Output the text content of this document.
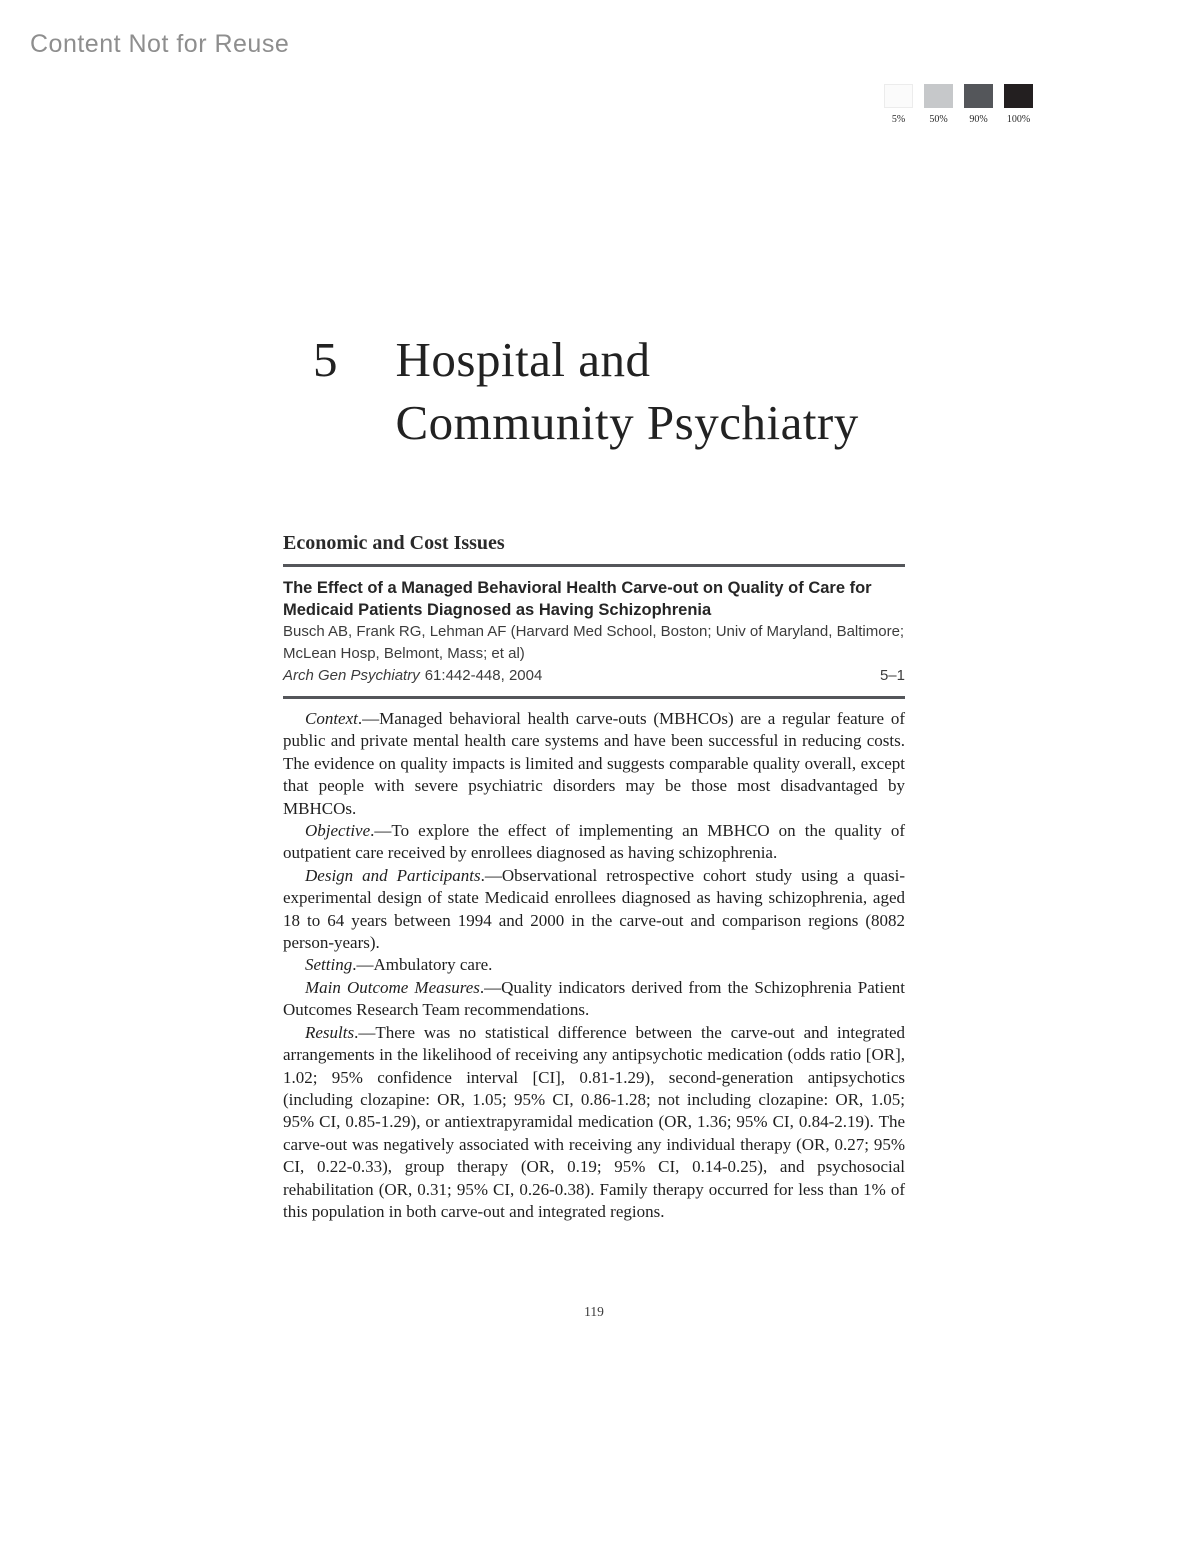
Content Not for Reuse
5% 50% 90% 100%
5 Hospital and
Community Psychiatry
Economic and Cost Issues

The Effect of a Managed Behavioral Health Carve-out on Quality of Care for Medicaid Patients Diagnosed as Having Schizophrenia

Busch AB, Frank RG, Lehman AF (Harvard Med School, Boston; Univ of Maryland, Baltimore; McLean Hosp, Belmont, Mass; et al)

Arch Gen Psychiatry 61:442-448, 2004	5–1

Context.—Managed behavioral health carve-outs (MBHCOs) are a regular feature of public and private mental health care systems and have been successful in reducing costs. The evidence on quality impacts is limited and suggests comparable quality overall, except that people with severe psychiatric disorders may be those most disadvantaged by MBHCOs.

Objective.—To explore the effect of implementing an MBHCO on the quality of outpatient care received by enrollees diagnosed as having schizophrenia.

Design and Participants.—Observational retrospective cohort study using a quasi-experimental design of state Medicaid enrollees diagnosed as having schizophrenia, aged 18 to 64 years between 1994 and 2000 in the carve-out and comparison regions (8082 person-years).

Setting.—Ambulatory care.

Main Outcome Measures.—Quality indicators derived from the Schizophrenia Patient Outcomes Research Team recommendations.

Results.—There was no statistical difference between the carve-out and integrated arrangements in the likelihood of receiving any antipsychotic medication (odds ratio [OR], 1.02; 95% confidence interval [CI], 0.81-1.29), second-generation antipsychotics (including clozapine: OR, 1.05; 95% CI, 0.86-1.28; not including clozapine: OR, 1.05; 95% CI, 0.85-1.29), or antiextrapyramidal medication (OR, 1.36; 95% CI, 0.84-2.19). The carve-out was negatively associated with receiving any individual therapy (OR, 0.27; 95% CI, 0.22-0.33), group therapy (OR, 0.19; 95% CI, 0.14-0.25), and psychosocial rehabilitation (OR, 0.31; 95% CI, 0.26-0.38). Family therapy occurred for less than 1% of this population in both carve-out and integrated regions.

119
